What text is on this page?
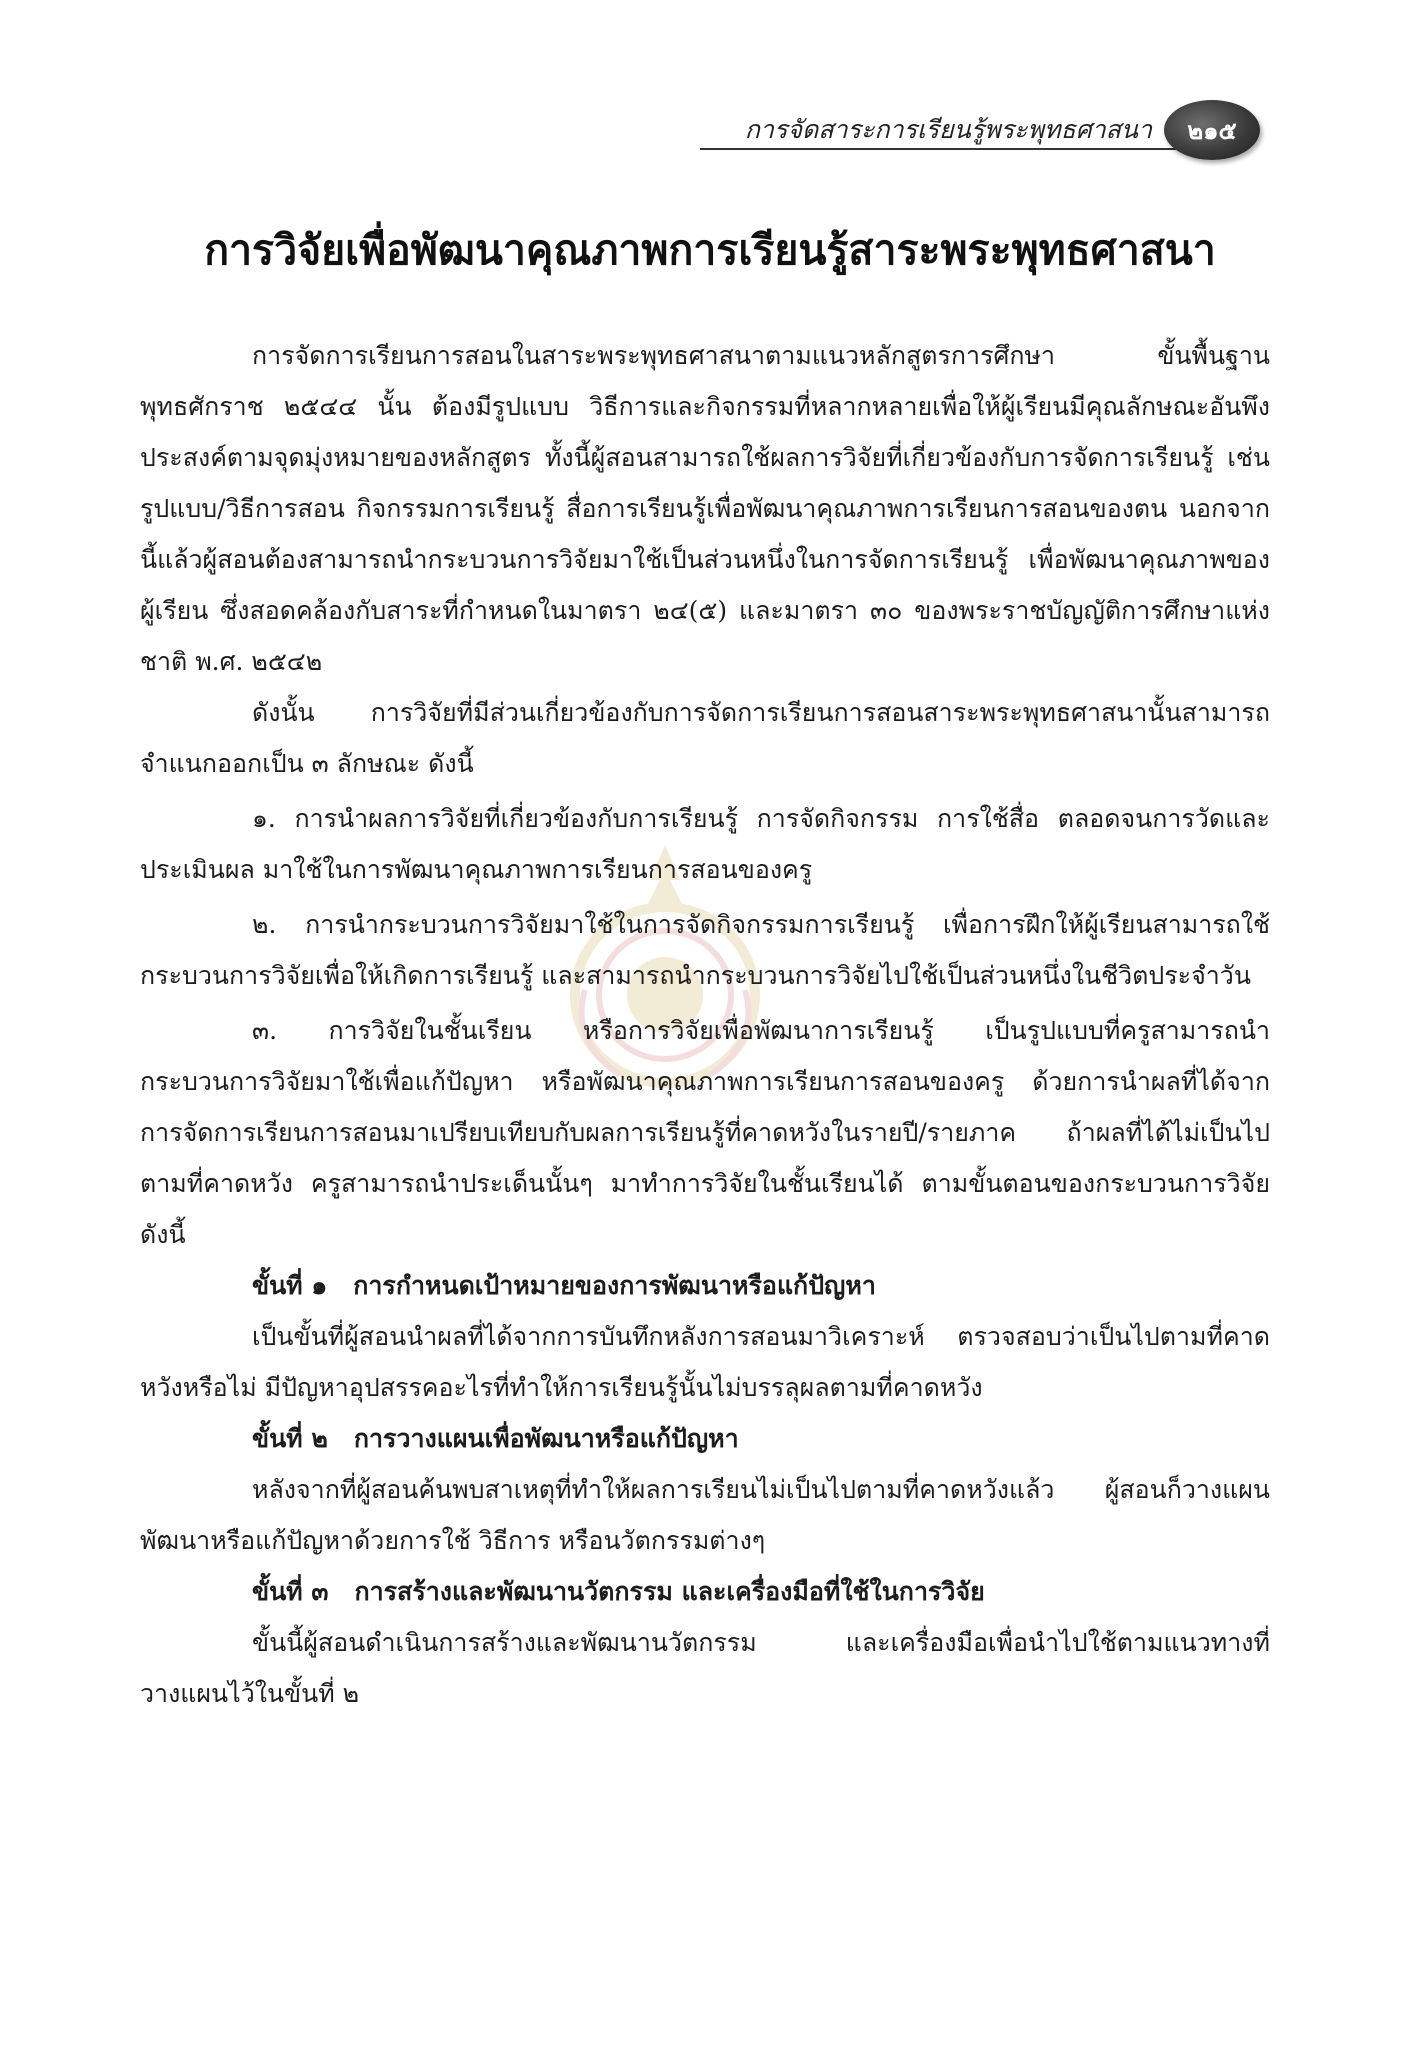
การจัดสาระการเรียนรู้พระพุทธศาสนา ๒๑๕
การวิจัยเพื่อพัฒนาคุณภาพการเรียนรู้สาระพระพุทธศาสนา

การจัดการเรียนการสอนในสาระพระพุทธศาสนาตามแนวหลักสูตรการศึกษา ขั้นพื้นฐาน พุทธศักราช ๒๕๔๔ นั้น ต้องมีรูปแบบ วิธีการและกิจกรรมที่หลากหลายเพื่อให้ผู้เรียนมีคุณลักษณะอันพึงประสงค์ตามจุดมุ่งหมายของหลักสูตร ทั้งนี้ผู้สอนสามารถใช้ผลการวิจัยที่เกี่ยวข้องกับการจัดการเรียนรู้ เช่น รูปแบบ/วิธีการสอน กิจกรรมการเรียนรู้ สื่อการเรียนรู้เพื่อพัฒนาคุณภาพการเรียนการสอนของตน นอกจากนี้แล้วผู้สอนต้องสามารถนำกระบวนการวิจัยมาใช้เป็นส่วนหนึ่งในการจัดการเรียนรู้ เพื่อพัฒนาคุณภาพของผู้เรียน ซึ่งสอดคล้องกับสาระที่กำหนดในมาตรา ๒๔(๕) และมาตรา ๓๐ ของพระราชบัญญัติการศึกษาแห่งชาติ พ.ศ. ๒๕๔๒

ดังนั้น การวิจัยที่มีส่วนเกี่ยวข้องกับการจัดการเรียนการสอนสาระพระพุทธศาสนานั้นสามารถจำแนกออกเป็น ๓ ลักษณะ ดังนี้

๑. การนำผลการวิจัยที่เกี่ยวข้องกับการเรียนรู้ การจัดกิจกรรม การใช้สื่อ ตลอดจนการวัดและประเมินผล มาใช้ในการพัฒนาคุณภาพการเรียนการสอนของครู

๒. การนำกระบวนการวิจัยมาใช้ในการจัดกิจกรรมการเรียนรู้ เพื่อการฝึกให้ผู้เรียนสามารถใช้กระบวนการวิจัยเพื่อให้เกิดการเรียนรู้ และสามารถนำกระบวนการวิจัยไปใช้เป็นส่วนหนึ่งในชีวิตประจำวัน

๓. การวิจัยในชั้นเรียน หรือการวิจัยเพื่อพัฒนาการเรียนรู้ เป็นรูปแบบที่ครูสามารถนำกระบวนการวิจัยมาใช้เพื่อแก้ปัญหา หรือพัฒนาคุณภาพการเรียนการสอนของครู ด้วยการนำผลที่ได้จากการจัดการเรียนการสอนมาเปรียบเทียบกับผลการเรียนรู้ที่คาดหวังในรายปี/รายภาค ถ้าผลที่ได้ไม่เป็นไปตามที่คาดหวัง ครูสามารถนำประเด็นนั้นๆ มาทำการวิจัยในชั้นเรียนได้ ตามขั้นตอนของกระบวนการวิจัยดังนี้

ขั้นที่ ๑ การกำหนดเป้าหมายของการพัฒนาหรือแก้ปัญหา

เป็นขั้นที่ผู้สอนนำผลที่ได้จากการบันทึกหลังการสอนมาวิเคราะห์ ตรวจสอบว่าเป็นไปตามที่คาดหวังหรือไม่ มีปัญหาอุปสรรคอะไรที่ทำให้การเรียนรู้นั้นไม่บรรลุผลตามที่คาดหวัง

ขั้นที่ ๒ การวางแผนเพื่อพัฒนาหรือแก้ปัญหา

หลังจากที่ผู้สอนค้นพบสาเหตุที่ทำให้ผลการเรียนไม่เป็นไปตามที่คาดหวังแล้ว ผู้สอนก็วางแผนพัฒนาหรือแก้ปัญหาด้วยการใช้ วิธีการ หรือนวัตกรรมต่างๆ

ขั้นที่ ๓ การสร้างและพัฒนานวัตกรรม และเครื่องมือที่ใช้ในการวิจัย

ขั้นนี้ผู้สอนดำเนินการสร้างและพัฒนานวัตกรรม และเครื่องมือเพื่อนำไปใช้ตามแนวทางที่วางแผนไว้ในขั้นที่ ๒
